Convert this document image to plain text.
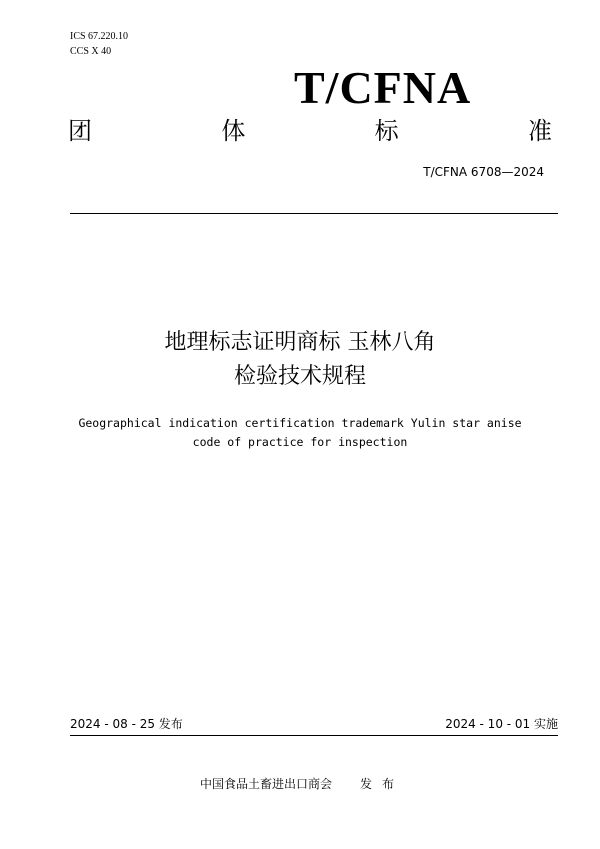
ICS 67.220.10
CCS X 40
T/CFNA
团	体	标	准
T/CFNA 6708—2024
地理标志证明商标 玉林八角
检验技术规程
Geographical indication certification trademark Yulin star anise
code of practice for inspection
2024 - 08 - 25 发布	2024 - 10 - 01 实施
中国食品土畜进出口商会 发布
